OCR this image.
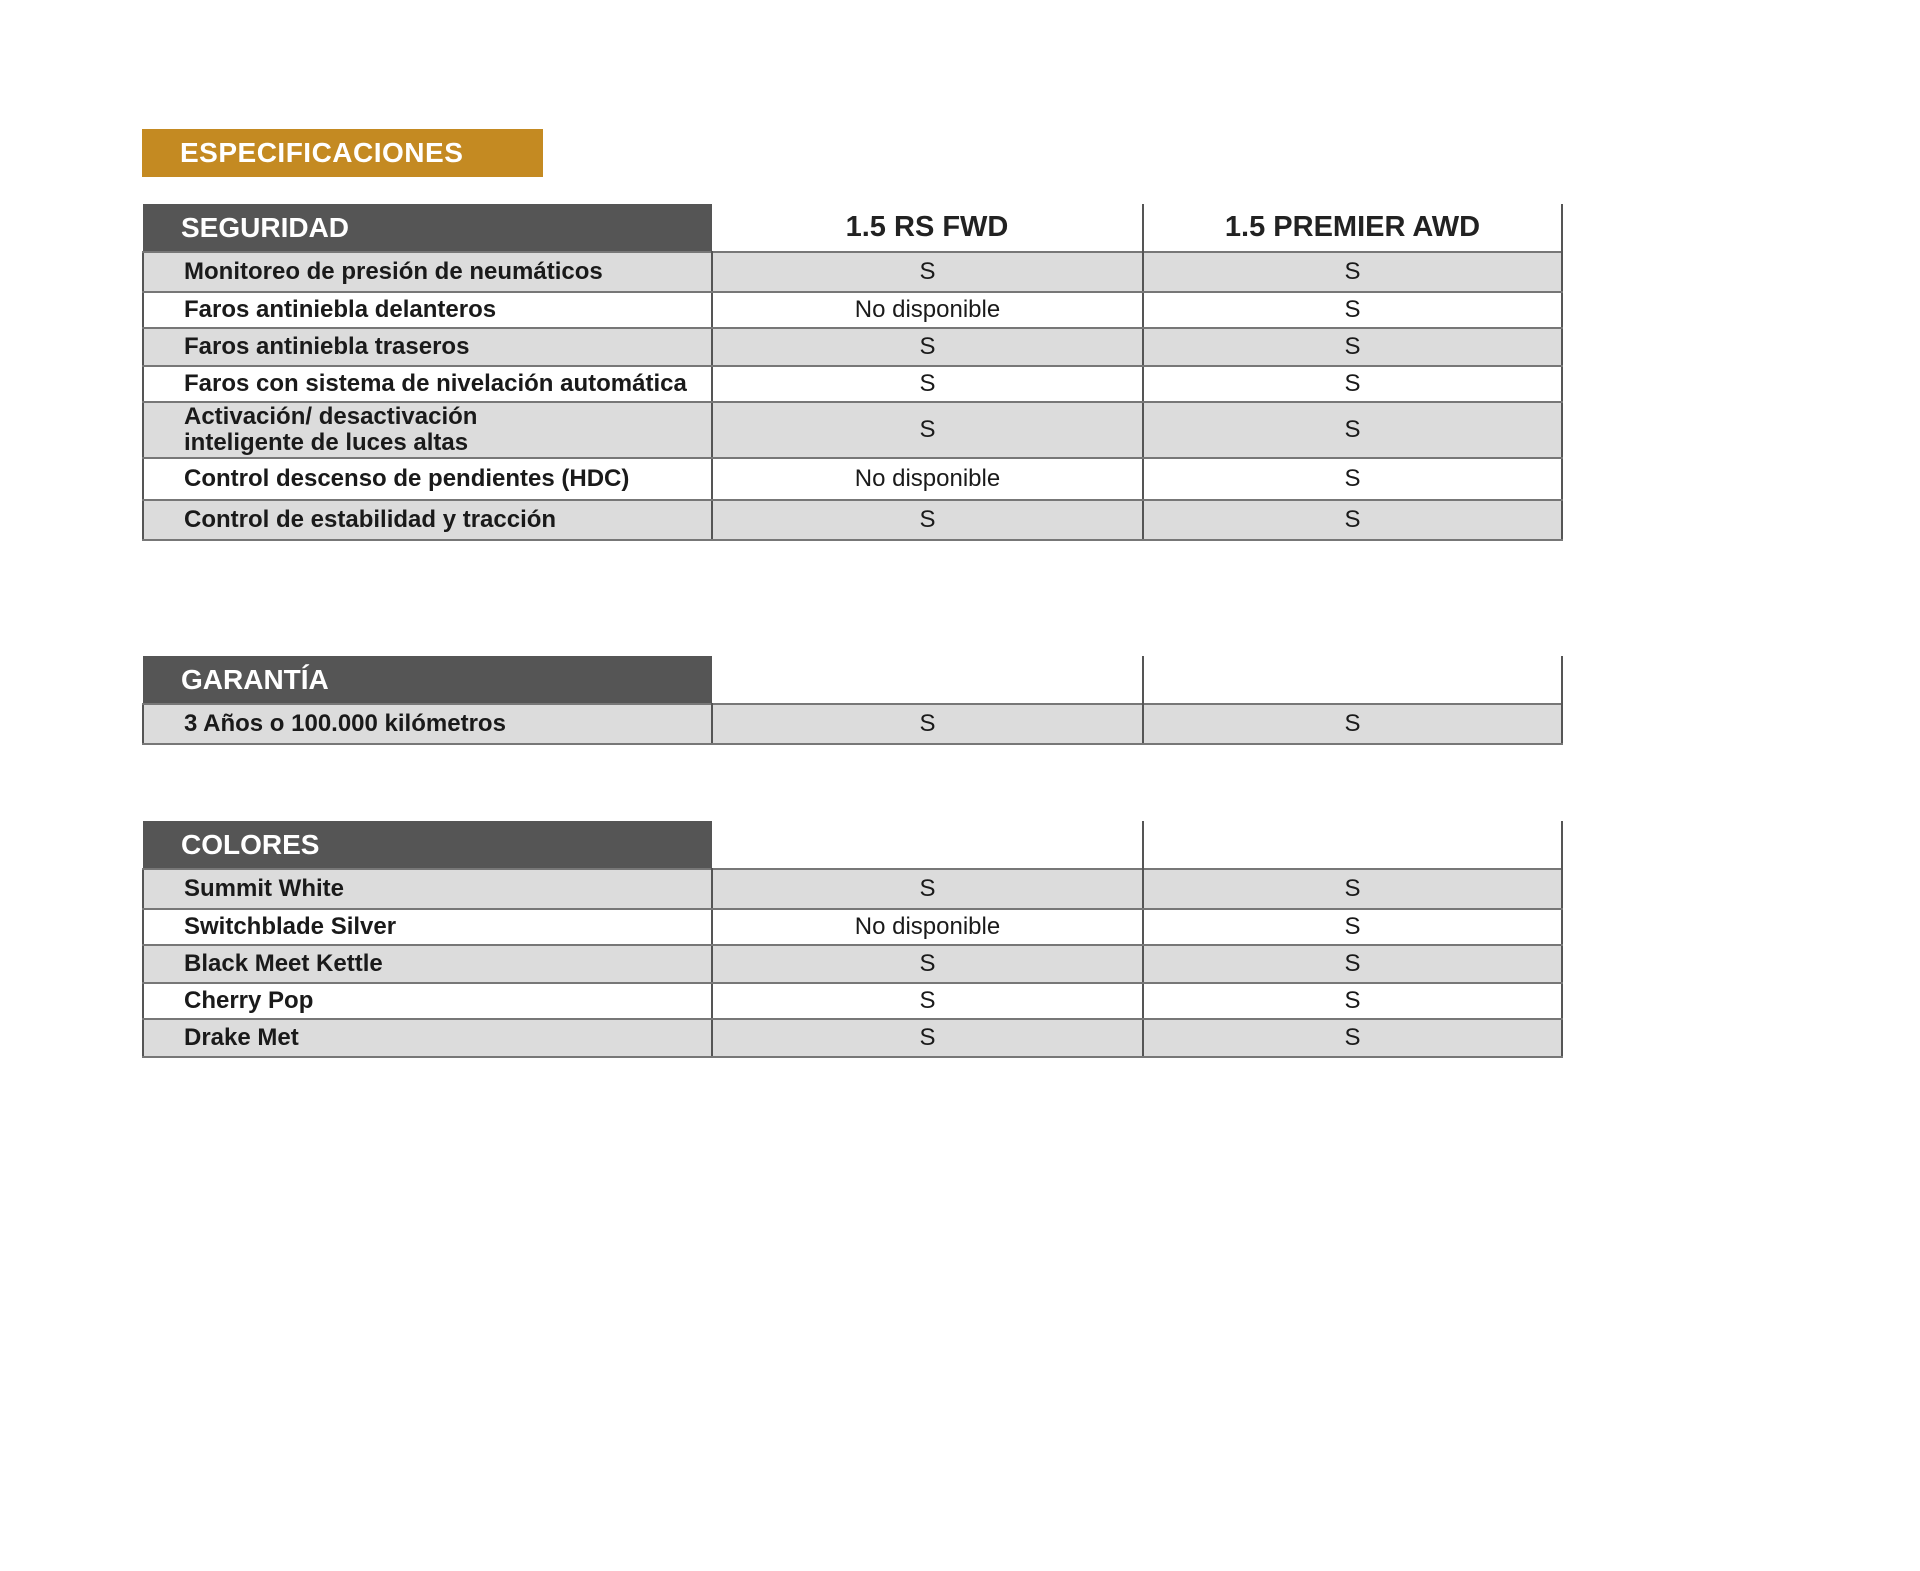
ESPECIFICACIONES
SEGURIDAD	1.5 RS FWD	1.5 PREMIER AWD
Monitoreo de presión de neumáticos	S	S
Faros antiniebla delanteros	No disponible	S
Faros antiniebla traseros	S	S
Faros con sistema de nivelación automática	S	S
Activación/ desactivación
inteligente de luces altas	S	S
Control descenso de pendientes (HDC)	No disponible	S
Control de estabilidad y tracción	S	S
GARANTÍA		
3 Años o 100.000 kilómetros	S	S
COLORES		
Summit White	S	S
Switchblade Silver	No disponible	S
Black Meet Kettle	S	S
Cherry Pop	S	S
Drake Met	S	S
